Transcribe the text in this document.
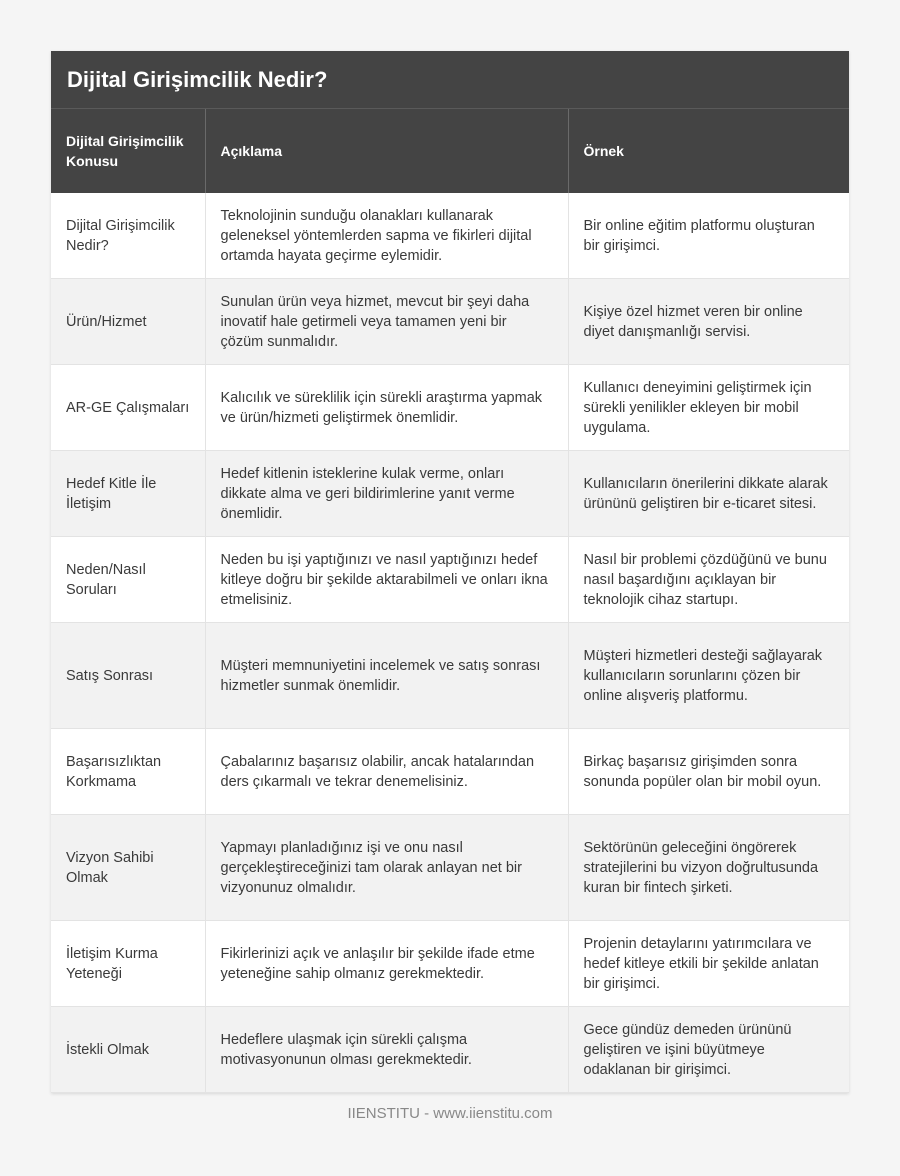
Dijital Girişimcilik Nedir?
Dijital Girişimcilik Konusu	Açıklama	Örnek
Dijital Girişimcilik Nedir?	Teknolojinin sunduğu olanakları kullanarak geleneksel yöntemlerden sapma ve fikirleri dijital ortamda hayata geçirme eylemidir.	Bir online eğitim platformu oluşturan bir girişimci.
Ürün/Hizmet	Sunulan ürün veya hizmet, mevcut bir şeyi daha inovatif hale getirmeli veya tamamen yeni bir çözüm sunmalıdır.	Kişiye özel hizmet veren bir online diyet danışmanlığı servisi.
AR-GE Çalışmaları	Kalıcılık ve süreklilik için sürekli araştırma yapmak ve ürün/hizmeti geliştirmek önemlidir.	Kullanıcı deneyimini geliştirmek için sürekli yenilikler ekleyen bir mobil uygulama.
Hedef Kitle İle İletişim	Hedef kitlenin isteklerine kulak verme, onları dikkate alma ve geri bildirimlerine yanıt verme önemlidir.	Kullanıcıların önerilerini dikkate alarak ürününü geliştiren bir e-ticaret sitesi.
Neden/Nasıl Soruları	Neden bu işi yaptığınızı ve nasıl yaptığınızı hedef kitleye doğru bir şekilde aktarabilmeli ve onları ikna etmelisiniz.	Nasıl bir problemi çözdüğünü ve bunu nasıl başardığını açıklayan bir teknolojik cihaz startupı.
Satış Sonrası	Müşteri memnuniyetini incelemek ve satış sonrası hizmetler sunmak önemlidir.	Müşteri hizmetleri desteği sağlayarak kullanıcıların sorunlarını çözen bir online alışveriş platformu.
Başarısızlıktan Korkmama	Çabalarınız başarısız olabilir, ancak hatalarından ders çıkarmalı ve tekrar denemelisiniz.	Birkaç başarısız girişimden sonra sonunda popüler olan bir mobil oyun.
Vizyon Sahibi Olmak	Yapmayı planladığınız işi ve onu nasıl gerçekleştireceğinizi tam olarak anlayan net bir vizyonunuz olmalıdır.	Sektörünün geleceğini öngörerek stratejilerini bu vizyon doğrultusunda kuran bir fintech şirketi.
İletişim Kurma Yeteneği	Fikirlerinizi açık ve anlaşılır bir şekilde ifade etme yeteneğine sahip olmanız gerekmektedir.	Projenin detaylarını yatırımcılara ve hedef kitleye etkili bir şekilde anlatan bir girişimci.
İstekli Olmak	Hedeflere ulaşmak için sürekli çalışma motivasyonunun olması gerekmektedir.	Gece gündüz demeden ürününü geliştiren ve işini büyütmeye odaklanan bir girişimci.
IIENSTITU - www.iienstitu.com
